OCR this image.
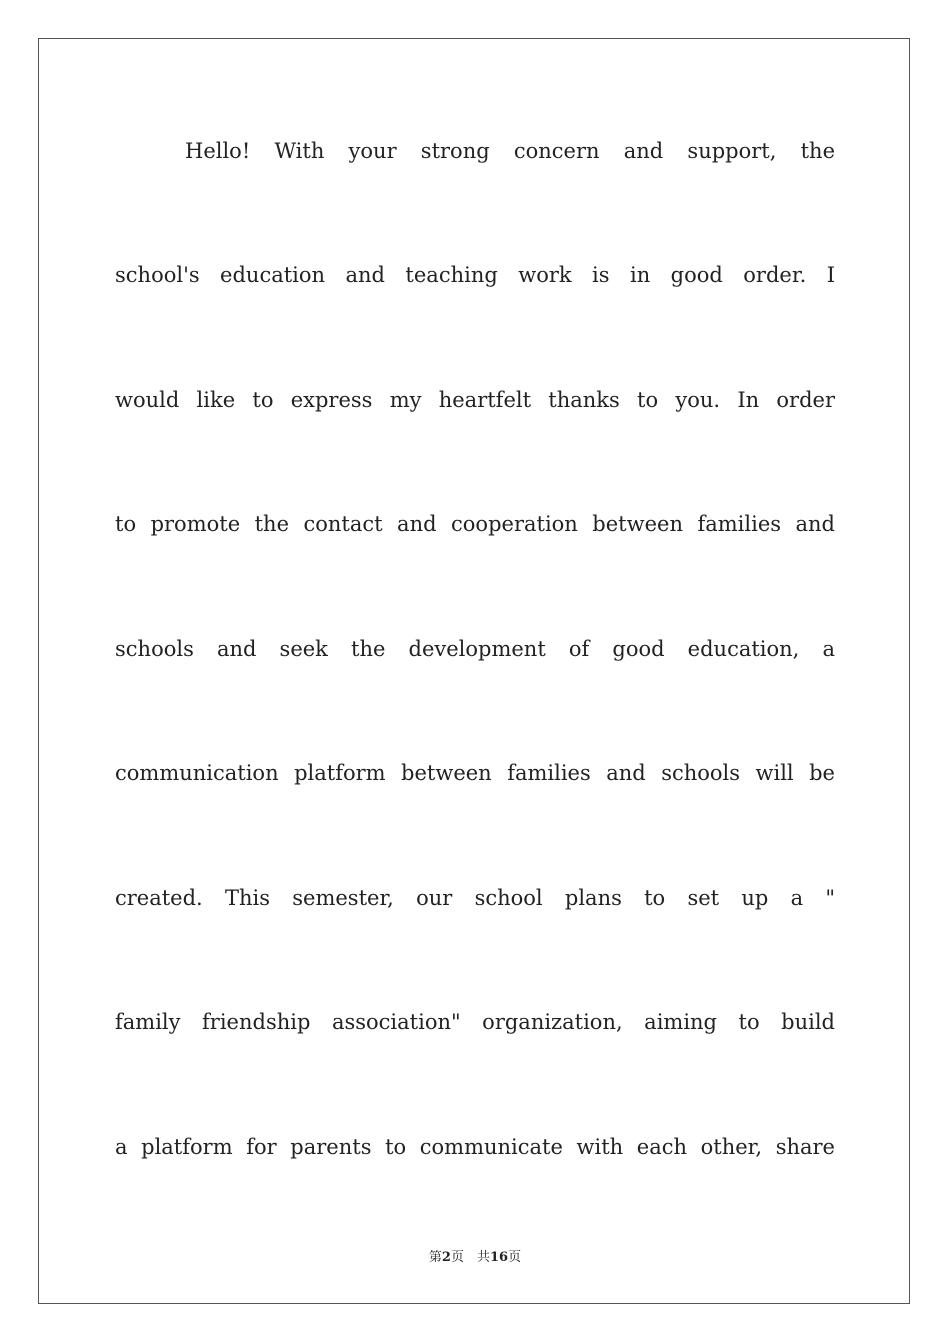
Hello! With your strong concern and support, the
school's education and teaching work is in good order. I
would like to express my heartfelt thanks to you. In order
to promote the contact and cooperation between families and
schools and seek the development of good education, a
communication platform between families and schools will be
created. This semester, our school plans to set up a "
family friendship association" organization, aiming to build
a platform for parents to communicate with each other, share
第2页　共16页
